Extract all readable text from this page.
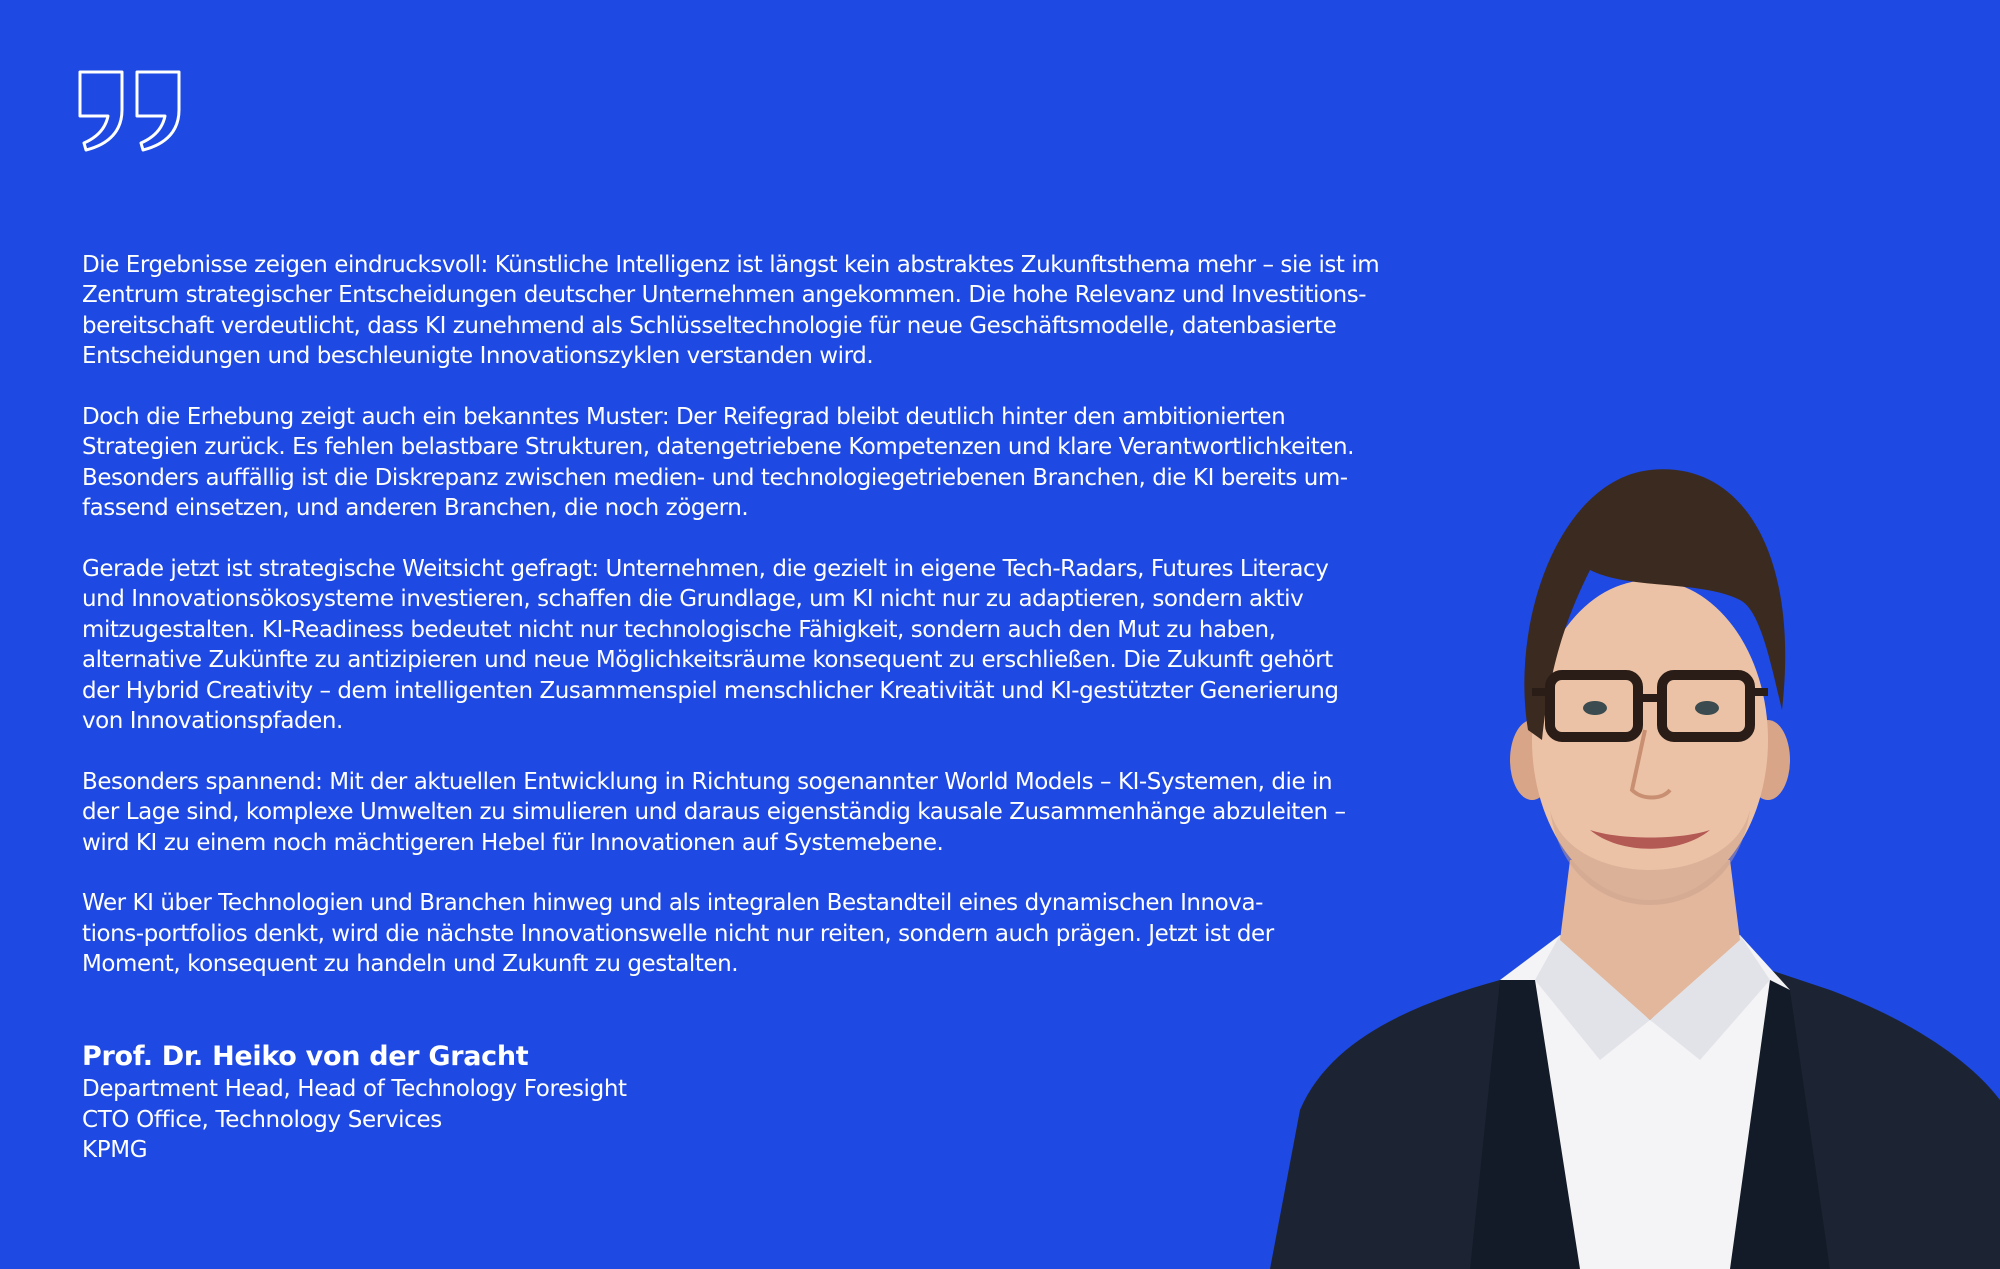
Die Ergebnisse zeigen eindrucksvoll: Künstliche Intelligenz ist längst kein abstraktes Zukunftsthema mehr – sie ist im
Zentrum strategischer Entscheidungen deutscher Unternehmen angekommen. Die hohe Relevanz und Investitions-
bereitschaft verdeutlicht, dass KI zunehmend als Schlüsseltechnologie für neue Geschäftsmodelle, datenbasierte
Entscheidungen und beschleunigte Innovationszyklen verstanden wird.

Doch die Erhebung zeigt auch ein bekanntes Muster: Der Reifegrad bleibt deutlich hinter den ambitionierten
Strategien zurück. Es fehlen belastbare Strukturen, datengetriebene Kompetenzen und klare Verantwortlichkeiten.
Besonders auffällig ist die Diskrepanz zwischen medien- und technologiegetriebenen Branchen, die KI bereits um-
fassend einsetzen, und anderen Branchen, die noch zögern.

Gerade jetzt ist strategische Weitsicht gefragt: Unternehmen, die gezielt in eigene Tech-Radars, Futures Literacy
und Innovationsökosysteme investieren, schaffen die Grundlage, um KI nicht nur zu adaptieren, sondern aktiv
mitzugestalten. KI-Readiness bedeutet nicht nur technologische Fähigkeit, sondern auch den Mut zu haben,
alternative Zukünfte zu antizipieren und neue Möglichkeitsräume konsequent zu erschließen. Die Zukunft gehört
der Hybrid Creativity – dem intelligenten Zusammenspiel menschlicher Kreativität und KI-gestützter Generierung
von Innovationspfaden.

Besonders spannend: Mit der aktuellen Entwicklung in Richtung sogenannter World Models – KI-Systemen, die in
der Lage sind, komplexe Umwelten zu simulieren und daraus eigenständig kausale Zusammenhänge abzuleiten –
wird KI zu einem noch mächtigeren Hebel für Innovationen auf Systemebene.

Wer KI über Technologien und Branchen hinweg und als integralen Bestandteil eines dynamischen Innova-
tions-portfolios denkt, wird die nächste Innovationswelle nicht nur reiten, sondern auch prägen. Jetzt ist der
Moment, konsequent zu handeln und Zukunft zu gestalten.

Prof. Dr. Heiko von der Gracht
Department Head, Head of Technology Foresight
CTO Office, Technology Services
KPMG
